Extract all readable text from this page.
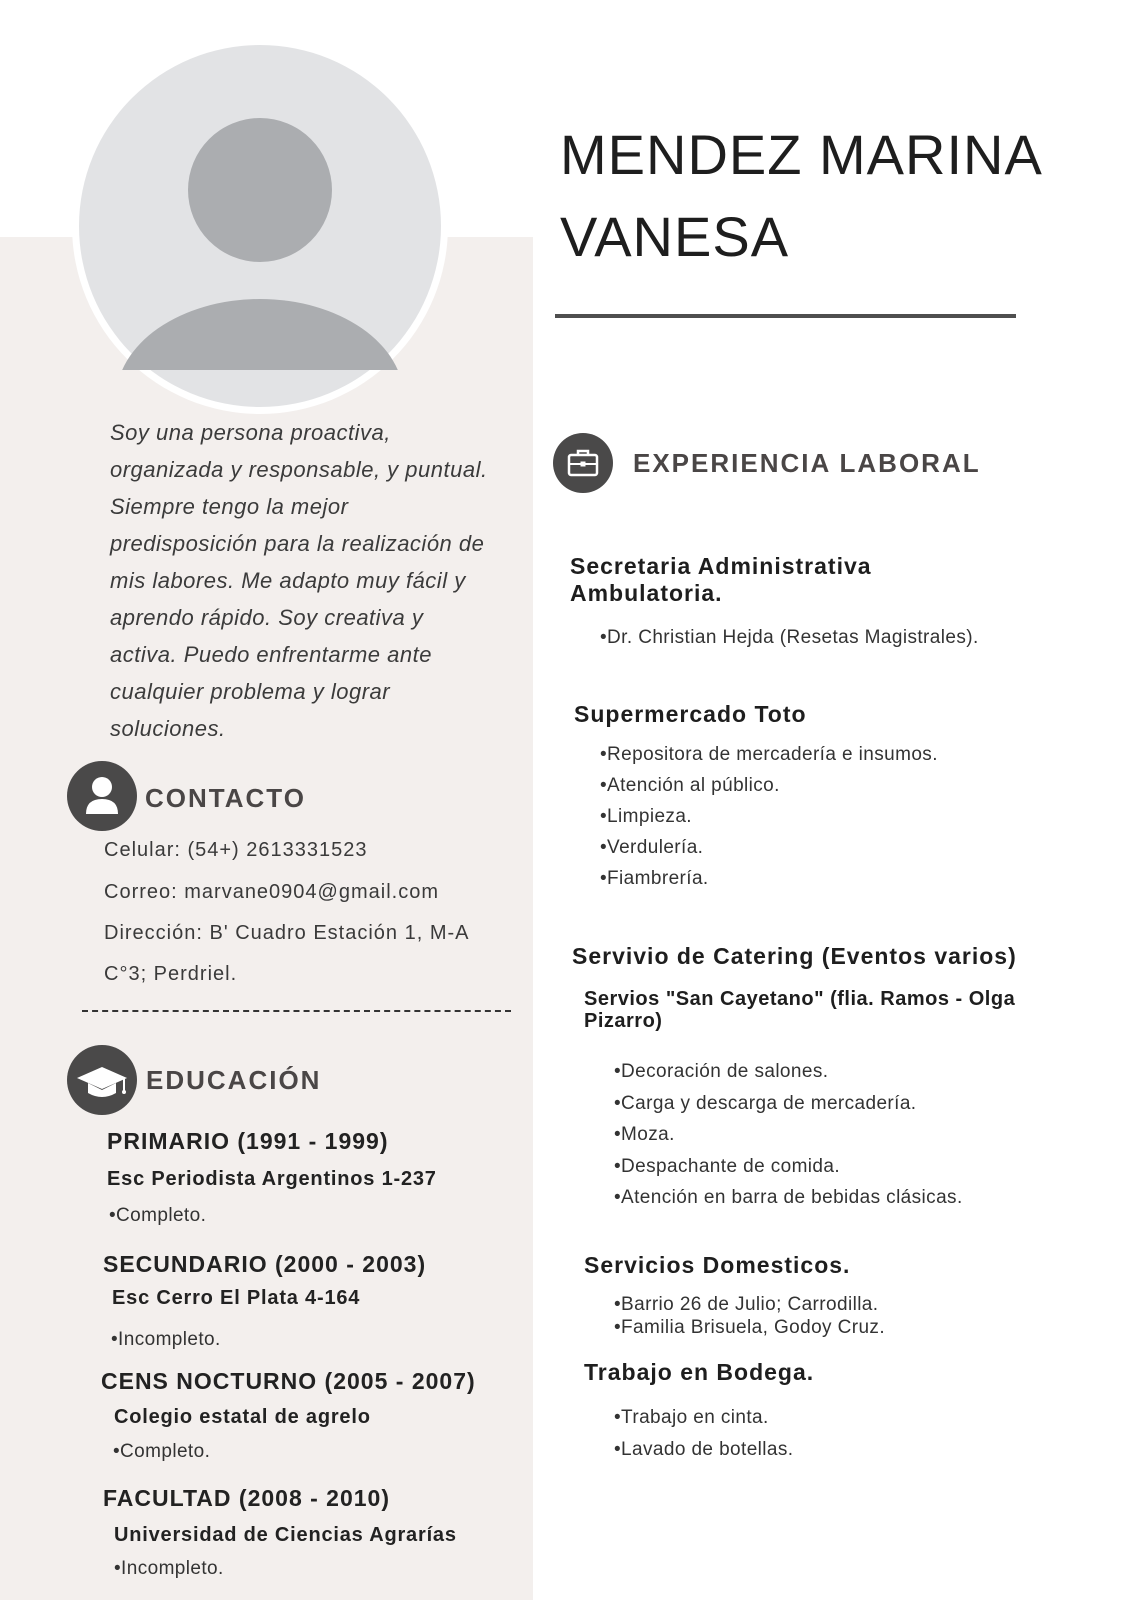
MENDEZ MARINA
VANESA
Soy una persona proactiva,
organizada y responsable, y puntual.
Siempre tengo la mejor
predisposición para la realización de
mis labores. Me adapto muy fácil y
aprendo rápido. Soy creativa y
activa. Puedo enfrentarme ante
cualquier problema y lograr
soluciones.
CONTACTO
Celular: (54+) 2613331523
Correo: marvane0904@gmail.com
Dirección: B' Cuadro Estación 1, M-A
C°3; Perdriel.
EDUCACIÓN
PRIMARIO (1991 - 1999)
Esc Periodista Argentinos 1-237
•Completo.
SECUNDARIO (2000 - 2003)
Esc Cerro El Plata 4-164
•Incompleto.
CENS NOCTURNO (2005 - 2007)
Colegio estatal de agrelo
•Completo.
FACULTAD (2008 - 2010)
Universidad de Ciencias Agrarías
•Incompleto.
EXPERIENCIA LABORAL
Secretaria Administrativa Ambulatoria.
•Dr. Christian Hejda (Resetas Magistrales).
Supermercado Toto
•Repositora de mercadería e insumos.
•Atención al público.
•Limpieza.
•Verdulería.
•Fiambrería.
Servivio de Catering (Eventos varios)
Servios "San Cayetano" (flia. Ramos - Olga Pizarro)
•Decoración de salones.
•Carga y descarga de mercadería.
•Moza.
•Despachante de comida.
•Atención en barra de bebidas clásicas.
Servicios Domesticos.
•Barrio 26 de Julio; Carrodilla.
•Familia Brisuela, Godoy Cruz.
Trabajo en Bodega.
•Trabajo en cinta.
•Lavado de botellas.
